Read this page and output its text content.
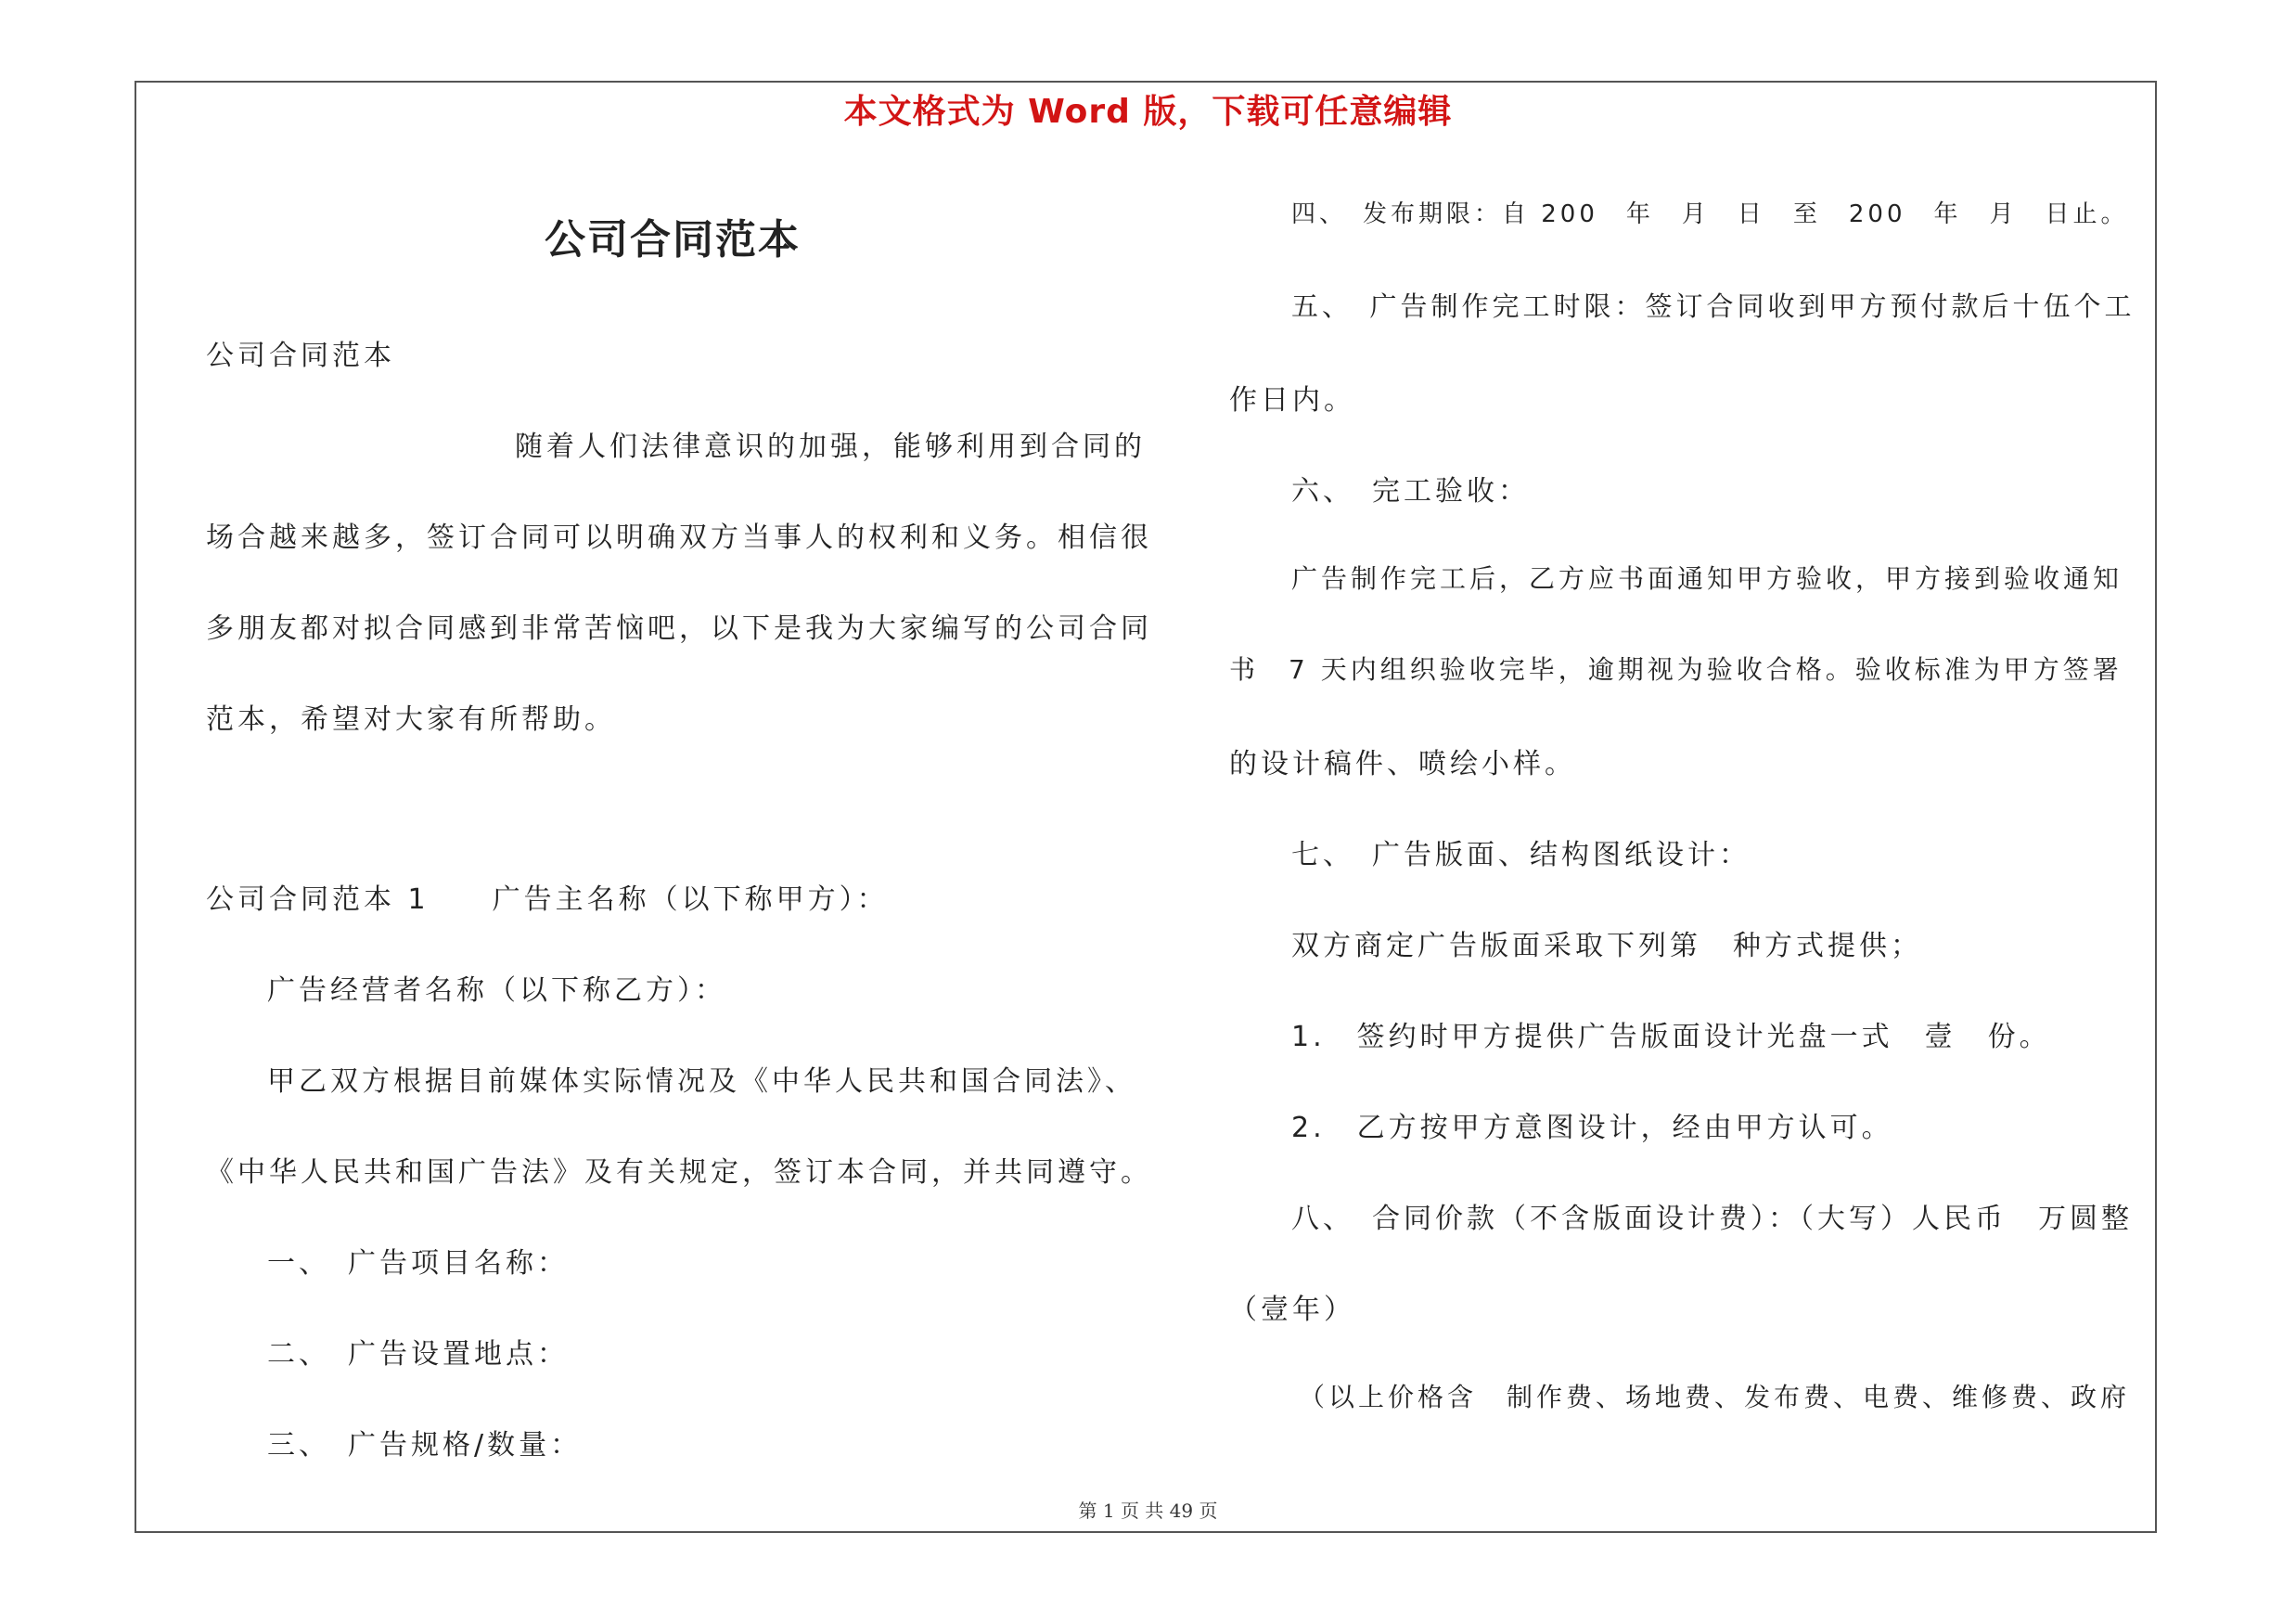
本文格式为 Word 版，下载可任意编辑
公司合同范本
公司合同范本
随着人们法律意识的加强，能够利用到合同的
场合越来越多，签订合同可以明确双方当事人的权利和义务。相信很
多朋友都对拟合同感到非常苦恼吧，以下是我为大家编写的公司合同
范本，希望对大家有所帮助。
公司合同范本 1　　广告主名称（以下称甲方）：
广告经营者名称（以下称乙方）：
甲乙双方根据目前媒体实际情况及《中华人民共和国合同法》、
《中华人民共和国广告法》及有关规定，签订本合同，并共同遵守。
一、　广告项目名称：
二、　广告设置地点：
三、　广告规格/数量：
四、　发布期限：自 200　年　月　日　至　200　年　月　日止。
五、　广告制作完工时限：签订合同收到甲方预付款后十伍个工
作日内。
六、　完工验收：
广告制作完工后，乙方应书面通知甲方验收，甲方接到验收通知
书　7 天内组织验收完毕，逾期视为验收合格。验收标准为甲方签署
的设计稿件、喷绘小样。
七、　广告版面、结构图纸设计：
双方商定广告版面采取下列第　种方式提供；
1.　签约时甲方提供广告版面设计光盘一式　壹　份。
2.　乙方按甲方意图设计，经由甲方认可。
八、　合同价款（不含版面设计费）：（大写）人民币　万圆整
（壹年）
（以上价格含　制作费、场地费、发布费、电费、维修费、政府
第 1 页 共 49 页
